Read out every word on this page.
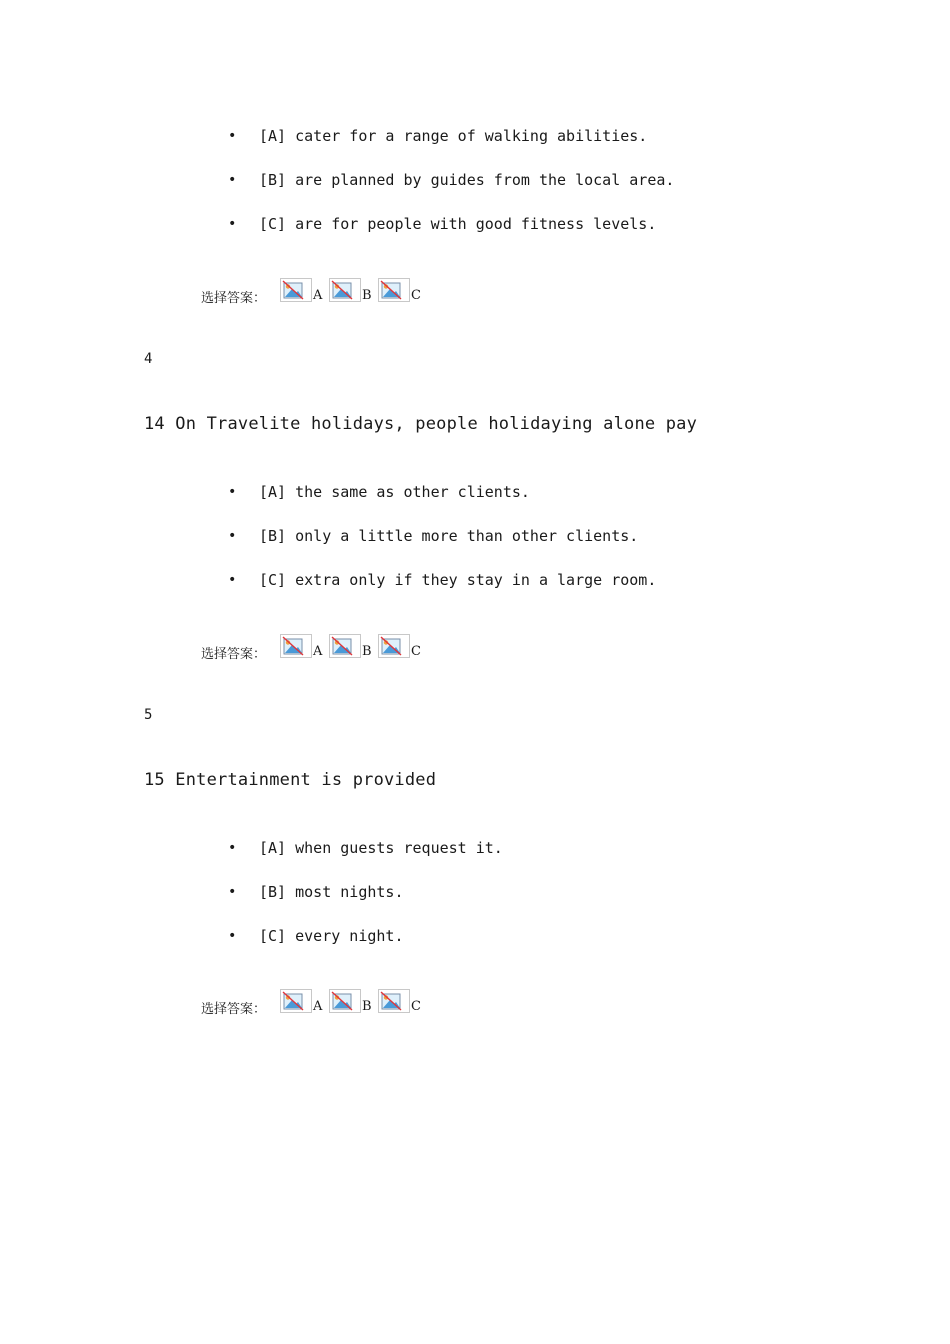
• [A] cater for a range of walking abilities.
• [B] are planned by guides from the local area.
• [C] are for people with good fitness levels.
选择答案：	A	B	C
4
14 On Travelite holidays, people holidaying alone pay
• [A] the same as other clients.
• [B] only a little more than other clients.
• [C] extra only if they stay in a large room.
选择答案：	A	B	C
5
15 Entertainment is provided
• [A] when guests request it.
• [B] most nights.
• [C] every night.
选择答案：	A	B	C
